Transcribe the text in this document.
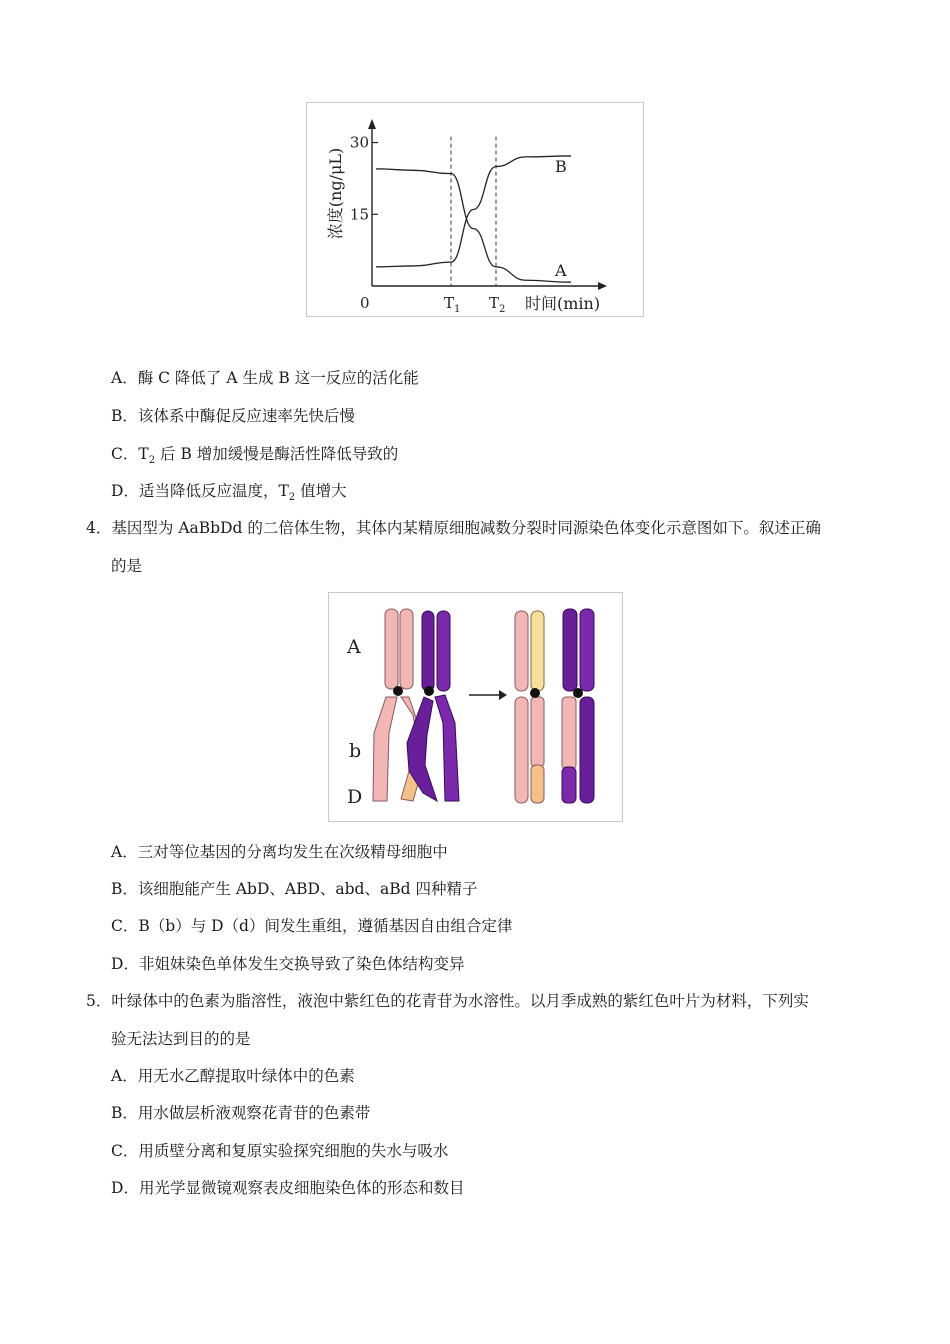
30
15
0	$T_1$ $T_2$ 时间(min)
浓度(ng/μL)
A
B
A．酶 C 降低了 A 生成 B 这一反应的活化能
B．该体系中酶促反应速率先快后慢
C．$T_2$ 后 B 增加缓慢是酶活性降低导致的
D．适当降低反应温度，$T_2$ 值增大
4．基因型为 AaBbDd 的二倍体生物，其体内某精原细胞减数分裂时同源染色体变化示意图如下。叙述正确
的是
A
b
D
A．三对等位基因的分离均发生在次级精母细胞中
B．该细胞能产生 AbD、ABD、abd、aBd 四种精子
C．B（b）与 D（d）间发生重组，遵循基因自由组合定律
D．非姐妹染色单体发生交换导致了染色体结构变异
5．叶绿体中的色素为脂溶性，液泡中紫红色的花青苷为水溶性。以月季成熟的紫红色叶片为材料，下列实
验无法达到目的的是
A．用无水乙醇提取叶绿体中的色素
B．用水做层析液观察花青苷的色素带
C．用质壁分离和复原实验探究细胞的失水与吸水
D．用光学显微镜观察表皮细胞染色体的形态和数目
